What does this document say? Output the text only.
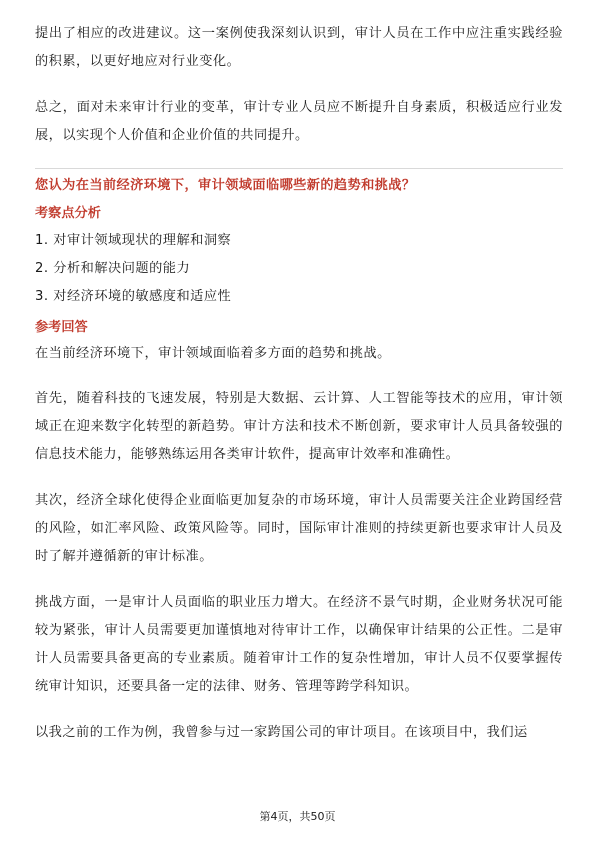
提出了相应的改进建议。这一案例使我深刻认识到，审计人员在工作中应注重实践经验的积累，以更好地应对行业变化。

总之，面对未来审计行业的变革，审计专业人员应不断提升自身素质，积极适应行业发展，以实现个人价值和企业价值的共同提升。

您认为在当前经济环境下，审计领域面临哪些新的趋势和挑战？

考察点分析

1. 对审计领域现状的理解和洞察

2. 分析和解决问题的能力

3. 对经济环境的敏感度和适应性

参考回答

在当前经济环境下，审计领域面临着多方面的趋势和挑战。

首先，随着科技的飞速发展，特别是大数据、云计算、人工智能等技术的应用，审计领域正在迎来数字化转型的新趋势。审计方法和技术不断创新，要求审计人员具备较强的信息技术能力，能够熟练运用各类审计软件，提高审计效率和准确性。

其次，经济全球化使得企业面临更加复杂的市场环境，审计人员需要关注企业跨国经营的风险，如汇率风险、政策风险等。同时，国际审计准则的持续更新也要求审计人员及时了解并遵循新的审计标准。

挑战方面，一是审计人员面临的职业压力增大。在经济不景气时期，企业财务状况可能较为紧张，审计人员需要更加谨慎地对待审计工作，以确保审计结果的公正性。二是审计人员需要具备更高的专业素质。随着审计工作的复杂性增加，审计人员不仅要掌握传统审计知识，还要具备一定的法律、财务、管理等跨学科知识。

以我之前的工作为例，我曾参与过一家跨国公司的审计项目。在该项目中，我们运

第4页，共50页
